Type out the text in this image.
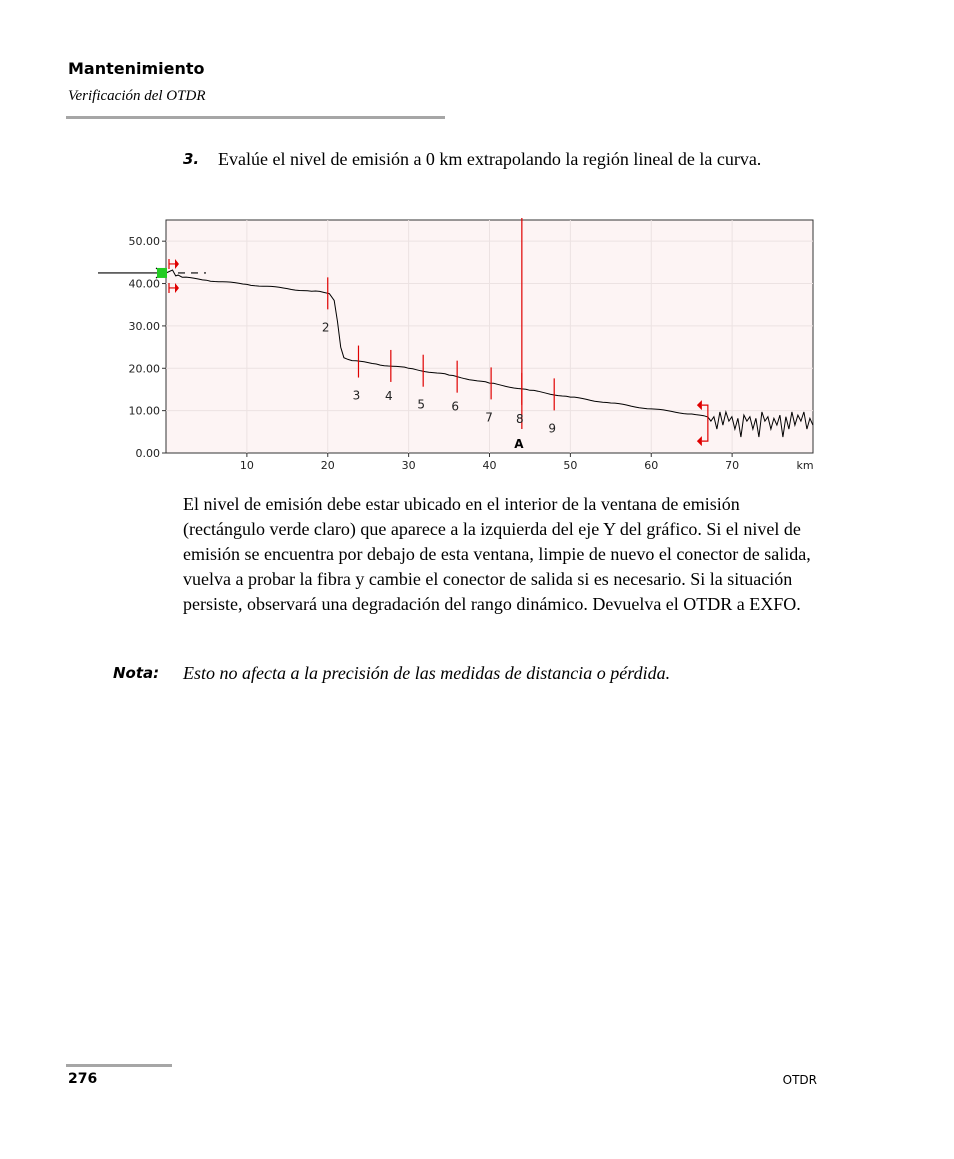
Mantenimiento
Verificación del OTDR
3. Evalúe el nivel de emisión a 0 km extrapolando la región lineal de la curva.
0.00
10.00
20.00
30.00
40.00
50.00
10	20	30	40	50	60	70	km
A
2
3 4
5 6
7 8
9
El nivel de emisión debe estar ubicado en el interior de la ventana de emisión (rectángulo verde claro) que aparece a la izquierda del eje Y del gráfico. Si el nivel de emisión se encuentra por debajo de esta ventana, limpie de nuevo el conector de salida, vuelva a probar la fibra y cambie el conector de salida si es necesario. Si la situación persiste, observará una degradación del rango dinámico. Devuelva el OTDR a EXFO.
Nota: Esto no afecta a la precisión de las medidas de distancia o pérdida.
276	OTDR
